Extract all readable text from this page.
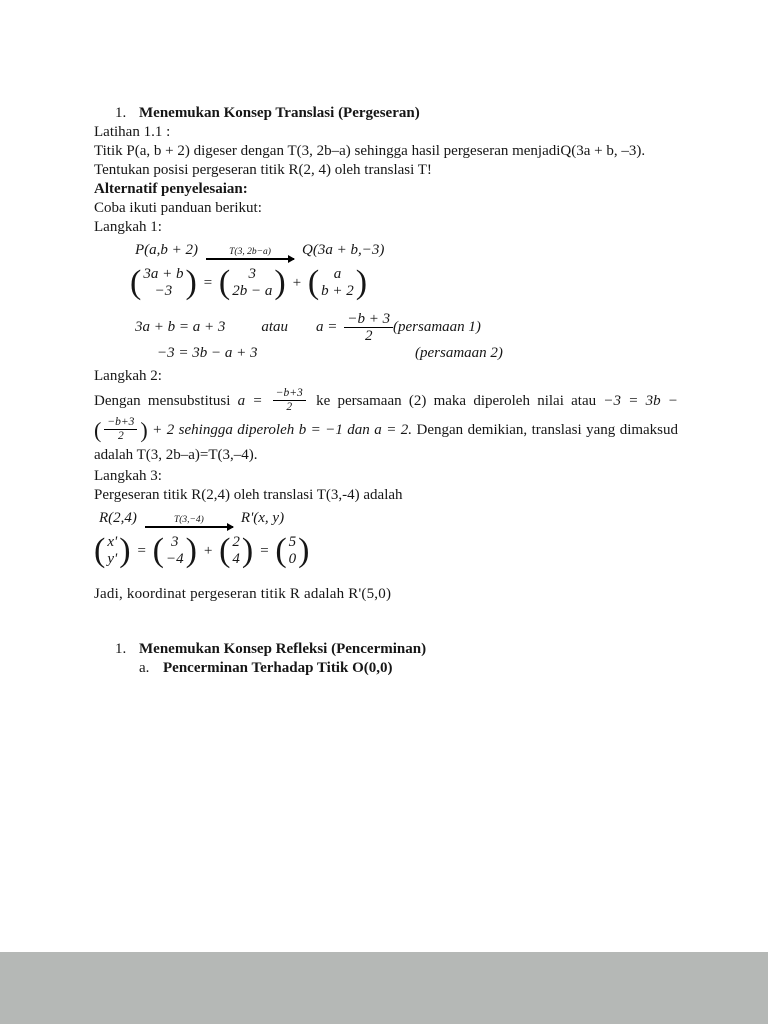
1. Menemukan Konsep Translasi (Pergeseran)
Latihan 1.1 :
Titik P(a, b + 2) digeser dengan T(3, 2b–a) sehingga hasil pergeseran menjadiQ(3a + b, –3).
Tentukan posisi pergeseran titik R(2, 4) oleh translasi T!
Alternatif penyelesaian:
Coba ikuti panduan berikut:
Langkah 1:
P(a,b + 2)	T(3, 2b−a) Q(3a + b,−3)
( 3a + b
−3 ) = ( 3
2b − a ) + ( a
b + 2 )
3a + b = a + 3 atau $a = \frac{-b + 3}{2}$ (persamaan 1)
−3 = 3b − a + 3	(persamaan 2)
Langkah 2:
Dengan mensubstitusi $a = \frac{-b+3}{2}$ ke persamaan (2) maka diperoleh nilai atau −3 = 3b −
( $\frac{-b+3}{2}$ ) + 2 sehingga diperoleh b = −1 dan a = 2. Dengan demikian, translasi yang dimaksud
adalah T(3, 2b–a)=T(3,–4).
Langkah 3:
Pergeseran titik R(2,4) oleh translasi T(3,-4) adalah
R(2,4)	T(3,−4) R'(x, y)
( x'
y' ) = ( 3
−4 ) + ( 2
4 ) = ( 5
0 )
Jadi, koordinat pergeseran titik R adalah R'(5,0)
1. Menemukan Konsep Refleksi (Pencerminan)
a. Pencerminan Terhadap Titik O(0,0)
